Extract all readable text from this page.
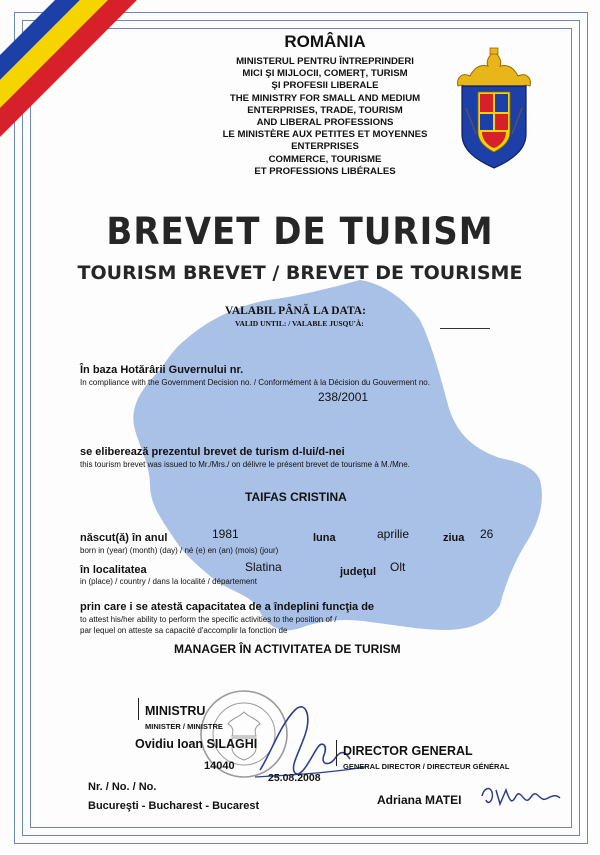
ROMÂNIA
MINISTERUL PENTRU ÎNTREPRINDERI
MICI ŞI MIJLOCII, COMERŢ, TURISM
ŞI PROFESII LIBERALE
THE MINISTRY FOR SMALL AND MEDIUM
ENTERPRISES, TRADE, TOURISM
AND LIBERAL PROFESSIONS
LE MINISTÈRE AUX PETITES ET MOYENNES
ENTERPRISES
COMMERCE, TOURISME
ET PROFESSIONS LIBÉRALES
BREVET DE TURISM
TOURISM BREVET / BREVET DE TOURISME
VALABIL PÂNĂ LA DATA:
VALID UNTIL: / VALABLE JUSQU'À:
În baza Hotărârii Guvernului nr.
In compliance with the Government Decision no. / Conformément à la Décision du Gouverment no.
238/2001
se eliberează prezentul brevet de turism d-lui/d-nei
this tourism brevet was issued to Mr./Mrs./ on délivre le présent brevet de tourisme à M./Mne.
TAIFAS CRISTINA
născut(ă) în anul	1981	luna	aprilie	ziua 26
born in (year) (month) (day) / né (e) en (an) (mois) (jour)
în localitatea	Slatina	judeţul Olt
in (place) / country / dans la localité / département
prin care i se atestă capacitatea de a îndeplini funcţia de
to attest his/her ability to perform the specific activities to the position of /
par lequel on atteste sa capacité d'accomplir la fonction de
MANAGER ÎN ACTIVITATEA DE TURISM
MINISTRU
MINISTER / MINISTRE
Ovidiu Ioan SILAGHI
Nr. / No. / No.
14040
25.08.2008
Bucureşti - Bucharest - Bucarest
DIRECTOR GENERAL
GENERAL DIRECTOR / DIRECTEUR GÉNÉRAL
Adriana MATEI
